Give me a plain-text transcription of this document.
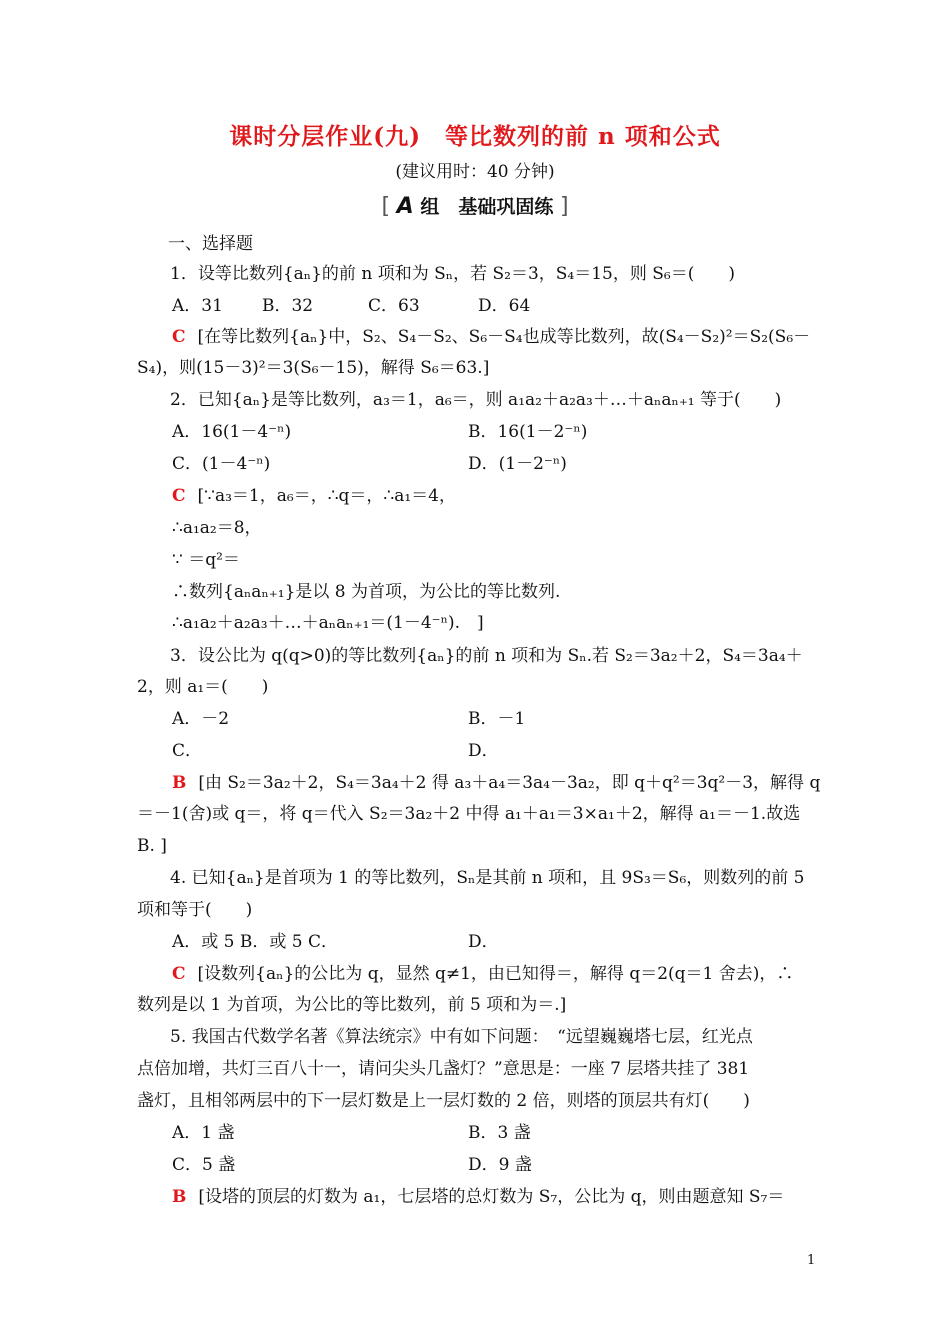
课时分层作业(九)　等比数列的前 n 项和公式
(建议用时：40 分钟)
[ A 组　基础巩固练 ]
一、选择题
1．设等比数列{aₙ}的前 n 项和为 Sₙ，若 S₂＝3，S₄＝15，则 S₆＝(　　)
A．31 B．32	C．63	D．64
C [在等比数列{aₙ}中，S₂、S₄－S₂、S₆－S₄也成等比数列，故(S₄－S₂)²＝S₂(S₆－
S₄)，则(15－3)²＝3(S₆－15)，解得 S₆＝63.]
2．已知{aₙ}是等比数列，a₃＝1，a₆＝，则 a₁a₂＋a₂a₃＋…＋aₙaₙ₊₁ 等于(　　)
A．16(1－4⁻ⁿ)	B．16(1－2⁻ⁿ)
C．(1－4⁻ⁿ)	D．(1－2⁻ⁿ)
C [∵a₃＝1，a₆＝，∴q＝，∴a₁＝4，
∴a₁a₂＝8，
∵ ＝q²＝
∴数列{aₙaₙ₊₁}是以 8 为首项，为公比的等比数列.
∴a₁a₂＋a₂a₃＋…＋aₙaₙ₊₁＝(1－4⁻ⁿ).　]
3．设公比为 q(q>0)的等比数列{aₙ}的前 n 项和为 Sₙ.若 S₂＝3a₂＋2，S₄＝3a₄＋
2，则 a₁＝(　　)
A．－2	B．－1
C．	D．
B [由 S₂＝3a₂＋2，S₄＝3a₄＋2 得 a₃＋a₄＝3a₄－3a₂，即 q＋q²＝3q²－3，解得 q
＝－1(舍)或 q＝，将 q＝代入 S₂＝3a₂＋2 中得 a₁＋a₁＝3×a₁＋2，解得 a₁＝－1.故选
B. ]
4. 已知{aₙ}是首项为 1 的等比数列，Sₙ是其前 n 项和，且 9S₃＝S₆，则数列的前 5
项和等于(　　)
A．或 5 B．或 5 C．	D．
C [设数列{aₙ}的公比为 q，显然 q≠1，由已知得＝，解得 q＝2(q＝1 舍去)，∴
数列是以 1 为首项，为公比的等比数列，前 5 项和为＝.]
5. 我国古代数学名著《算法统宗》中有如下问题：　“远望巍巍塔七层，红光点
点倍加增，共灯三百八十一，请问尖头几盏灯？”意思是：一座 7 层塔共挂了 381
盏灯，且相邻两层中的下一层灯数是上一层灯数的 2 倍，则塔的顶层共有灯(　　)
A．1 盏	B．3 盏
C．5 盏	D．9 盏
B [设塔的顶层的灯数为 a₁，七层塔的总灯数为 S₇，公比为 q，则由题意知 S₇＝
1
